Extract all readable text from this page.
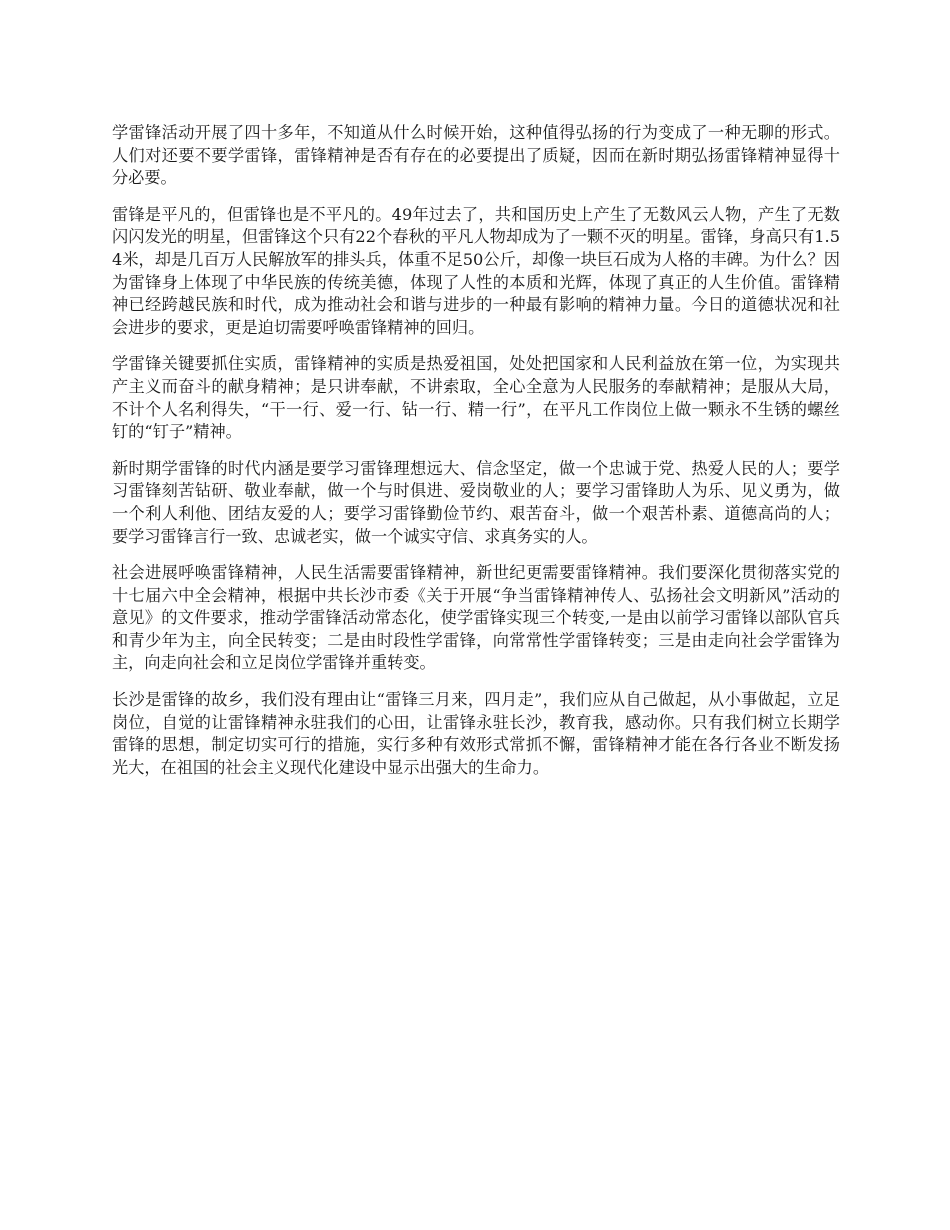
学雷锋活动开展了四十多年，不知道从什么时候开始，这种值得弘扬的行为变成了一种无聊的形式。人们对还要不要学雷锋，雷锋精神是否有存在的必要提出了质疑，因而在新时期弘扬雷锋精神显得十分必要。

雷锋是平凡的，但雷锋也是不平凡的。49年过去了，共和国历史上产生了无数风云人物，产生了无数闪闪发光的明星，但雷锋这个只有22个春秋的平凡人物却成为了一颗不灭的明星。雷锋，身高只有1.54米，却是几百万人民解放军的排头兵，体重不足50公斤，却像一块巨石成为人格的丰碑。为什么？因为雷锋身上体现了中华民族的传统美德，体现了人性的本质和光辉，体现了真正的人生价值。雷锋精神已经跨越民族和时代，成为推动社会和谐与进步的一种最有影响的精神力量。今日的道德状况和社会进步的要求，更是迫切需要呼唤雷锋精神的回归。

学雷锋关键要抓住实质，雷锋精神的实质是热爱祖国，处处把国家和人民利益放在第一位，为实现共产主义而奋斗的献身精神；是只讲奉献，不讲索取，全心全意为人民服务的奉献精神；是服从大局，不计个人名利得失，“干一行、爱一行、钻一行、精一行”，在平凡工作岗位上做一颗永不生锈的螺丝钉的“钉子”精神。

新时期学雷锋的时代内涵是要学习雷锋理想远大、信念坚定，做一个忠诚于党、热爱人民的人；要学习雷锋刻苦钻研、敬业奉献，做一个与时俱进、爱岗敬业的人；要学习雷锋助人为乐、见义勇为，做一个利人利他、团结友爱的人；要学习雷锋勤俭节约、艰苦奋斗，做一个艰苦朴素、道德高尚的人；要学习雷锋言行一致、忠诚老实，做一个诚实守信、求真务实的人。

社会进展呼唤雷锋精神，人民生活需要雷锋精神，新世纪更需要雷锋精神。我们要深化贯彻落实党的十七届六中全会精神，根据中共长沙市委《关于开展“争当雷锋精神传人、弘扬社会文明新风”活动的意见》的文件要求，推动学雷锋活动常态化，使学雷锋实现三个转变,一是由以前学习雷锋以部队官兵和青少年为主，向全民转变；二是由时段性学雷锋，向常常性学雷锋转变；三是由走向社会学雷锋为主，向走向社会和立足岗位学雷锋并重转变。

长沙是雷锋的故乡，我们没有理由让“雷锋三月来，四月走”，我们应从自己做起，从小事做起，立足岗位，自觉的让雷锋精神永驻我们的心田，让雷锋永驻长沙，教育我，感动你。只有我们树立长期学雷锋的思想，制定切实可行的措施，实行多种有效形式常抓不懈，雷锋精神才能在各行各业不断发扬光大，在祖国的社会主义现代化建设中显示出强大的生命力。
